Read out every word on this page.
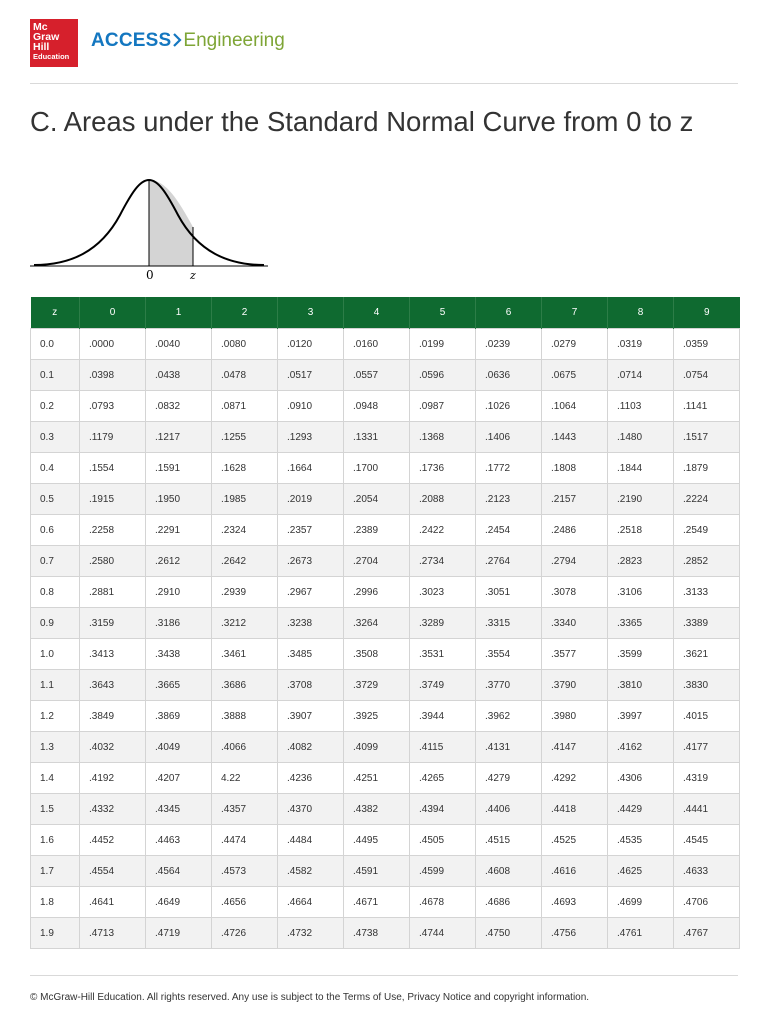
Mc
Graw
Hill
Education
ACCESS Engineering
C. Areas under the Standard Normal Curve from 0 to z
0	z
z	0	1	2	3	4	5	6	7	8	9
0.0	.0000	.0040	.0080	.0120	.0160	.0199	.0239	.0279	.0319	.0359
0.1	.0398	.0438	.0478	.0517	.0557	.0596	.0636	.0675	.0714	.0754
0.2	.0793	.0832	.0871	.0910	.0948	.0987	.1026	.1064	.1103	.1141
0.3	.1179	.1217	.1255	.1293	.1331	.1368	.1406	.1443	.1480	.1517
0.4	.1554	.1591	.1628	.1664	.1700	.1736	.1772	.1808	.1844	.1879
0.5	.1915	.1950	.1985	.2019	.2054	.2088	.2123	.2157	.2190	.2224
0.6	.2258	.2291	.2324	.2357	.2389	.2422	.2454	.2486	.2518	.2549
0.7	.2580	.2612	.2642	.2673	.2704	.2734	.2764	.2794	.2823	.2852
0.8	.2881	.2910	.2939	.2967	.2996	.3023	.3051	.3078	.3106	.3133
0.9	.3159	.3186	.3212	.3238	.3264	.3289	.3315	.3340	.3365	.3389
1.0	.3413	.3438	.3461	.3485	.3508	.3531	.3554	.3577	.3599	.3621
1.1	.3643	.3665	.3686	.3708	.3729	.3749	.3770	.3790	.3810	.3830
1.2	.3849	.3869	.3888	.3907	.3925	.3944	.3962	.3980	.3997	.4015
1.3	.4032	.4049	.4066	.4082	.4099	.4115	.4131	.4147	.4162	.4177
1.4	.4192	.4207	4.22	.4236	.4251	.4265	.4279	.4292	.4306	.4319
1.5	.4332	.4345	.4357	.4370	.4382	.4394	.4406	.4418	.4429	.4441
1.6	.4452	.4463	.4474	.4484	.4495	.4505	.4515	.4525	.4535	.4545
1.7	.4554	.4564	.4573	.4582	.4591	.4599	.4608	.4616	.4625	.4633
1.8	.4641	.4649	.4656	.4664	.4671	.4678	.4686	.4693	.4699	.4706
1.9	.4713	.4719	.4726	.4732	.4738	.4744	.4750	.4756	.4761	.4767
© McGraw-Hill Education. All rights reserved. Any use is subject to the Terms of Use, Privacy Notice and copyright information.
